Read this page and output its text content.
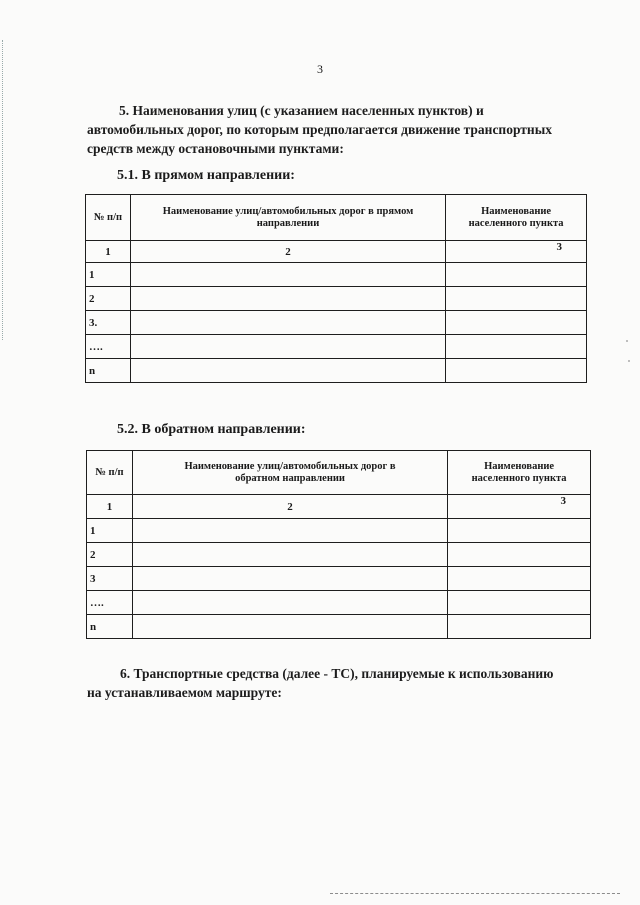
3
5. Наименования улиц (с указанием населенных пунктов) и
автомобильных дорог, по которым предполагается движение транспортных
средств между остановочными пунктами:
5.1. В прямом направлении:
№ п/п	Наименование улиц/автомобильных дорог в прямом направлении	Наименование населенного пункта
1	2	3
1		
2		
3.		
….		
n		
5.2. В обратном направлении:
№ п/п	Наименование улиц/автомобильных дорог в обратном направлении	Наименование населенного пункта
1	2	3
1		
2		
3		
….		
n		
6. Транспортные средства (далее - ТС), планируемые к использованию
на устанавливаемом маршруте:
